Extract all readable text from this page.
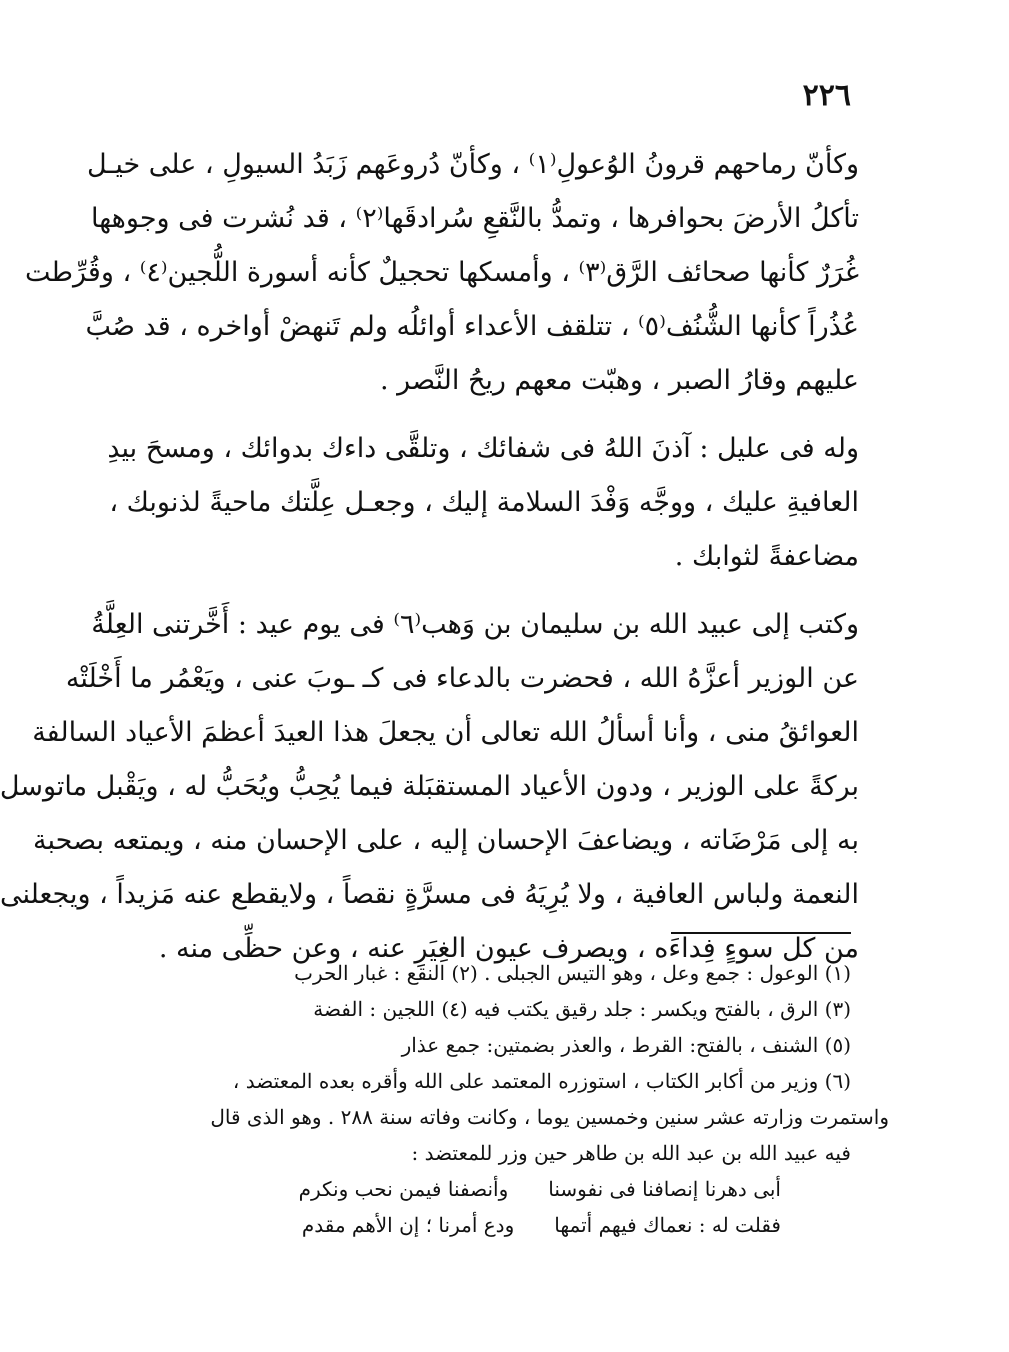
٢٢٦

وكأنّ رماحهم قرونُ الوُعولِ⁽١⁾ ، وكأنّ دُروعَهم زَبَدُ السيولِ ، على خيـل
تأكلُ الأرضَ بحوافرها ، وتمدُّ بالنَّقعِ سُرادقَها⁽٢⁾ ، قد نُشرت فى وجوهها
غُرَرٌ كأنها صحائف الرَّق⁽٣⁾ ، وأمسكها تحجيلٌ كأنه أسورة اللُّجين⁽٤⁾ ، وقُرِّطت
عُذُراً كأنها الشُّنُف⁽٥⁾ ، تتلقف الأعداء أوائلُه ولم تَنهضْ أواخره ، قد صُبَّ
عليهم وقارُ الصبر ، وهبّت معهم ريحُ النَّصر .

وله فى عليل : آذنَ اللهُ فى شفائك ، وتلقَّى داءك بدوائك ، ومسحَ بيدِ
العافيةِ عليك ، ووجَّه وَفْدَ السلامة إليك ، وجعـل عِلَّتك ماحيةً لذنوبك ،
مضاعفةً لثوابك .

وكتب إلى عبيد الله بن سليمان بن وَهب⁽٦⁾ فى يوم عيد : أَخَّرتنى العِلَّةُ
عن الوزير أعزَّهُ الله ، فحضرت بالدعاء فى كـ ـوبَ عنى ، ويَعْمُر ما أَخْلَتْه
العوائقُ منى ، وأنا أسألُ الله تعالى أن يجعلَ هذا العيدَ أعظمَ الأعياد السالفة
بركةً على الوزير ، ودون الأعياد المستقبَلة فيما يُحِبُّ ويُحَبُّ له ، ويَقْبل ماتوسل
به إلى مَرْضَاته ، ويضاعفَ الإحسان إليه ، على الإحسان منه ، ويمتعه بصحبة
النعمة ولباس العافية ، ولا يُرِيَهُ فى مسرَّةٍ نقصاً ، ولايقطع عنه مَزيداً ، ويجعلنى
من كل سوءٍ فِداءَه ، ويصرف عيون الغِيَرِ عنه ، وعن حظِّى منه .

(١) الوعول : جمع وعل ، وهو التيس الجبلى . (٢) النقع : غبار الحرب
(٣) الرق ، بالفتح ويكسر : جلد رقيق يكتب فيه (٤) اللجين : الفضة
(٥) الشنف ، بالفتح: القرط ، والعذر بضمتين: جمع عذار
(٦) وزير من أكابر الكتاب ، استوزره المعتمد على الله وأقره بعده المعتضد ،
واستمرت وزارته عشر سنين وخمسين يوما ، وكانت وفاته سنة ٢٨٨ . وهو الذى قال
فيه عبيد الله بن عبد الله بن طاهر حين وزر للمعتضد :
أبى دهرنا إنصافنا فى نفوسنا
وأنصفنا فيمن نحب ونكرم
فقلت له : نعماك فيهم أتمها
ودع أمرنا ؛ إن الأهم مقدم
